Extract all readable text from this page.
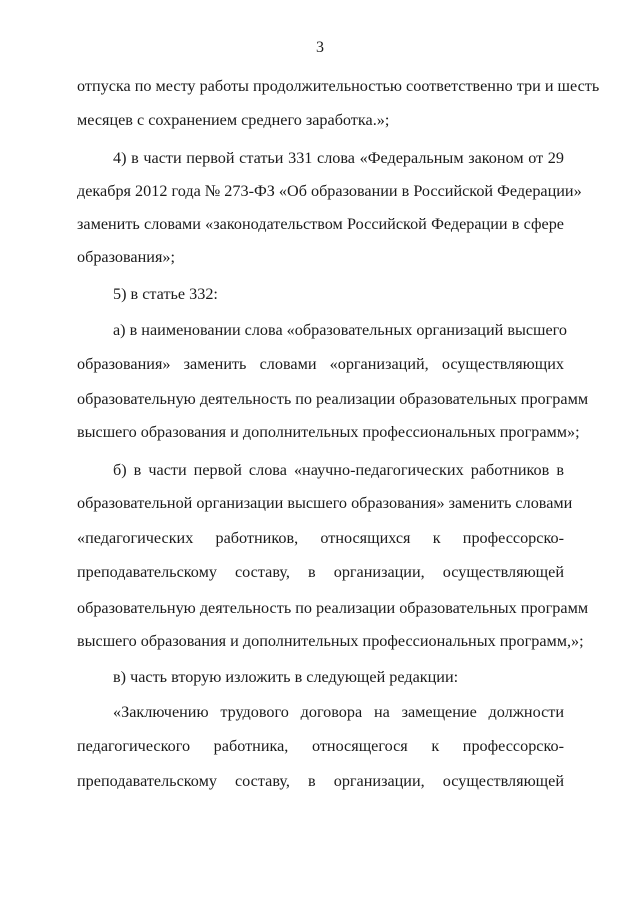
3
отпуска по месту работы продолжительностью соответственно три и шесть
месяцев с сохранением среднего заработка.»;
4) в части первой статьи 331 слова «Федеральным законом от 29
декабря 2012 года № 273-ФЗ «Об образовании в Российской Федерации»
заменить словами «законодательством Российской Федерации в сфере
образования»;
5) в статье 332:
а) в наименовании слова «образовательных организаций высшего
образования» заменить словами «организаций, осуществляющих
образовательную деятельность по реализации образовательных программ
высшего образования и дополнительных профессиональных программ»;
б) в части первой слова «научно-педагогических работников в
образовательной организации высшего образования» заменить словами
«педагогических работников, относящихся к профессорско-
преподавательскому составу, в организации, осуществляющей
образовательную деятельность по реализации образовательных программ
высшего образования и дополнительных профессиональных программ,»;
в) часть вторую изложить в следующей редакции:
«Заключению трудового договора на замещение должности
педагогического работника, относящегося к профессорско-
преподавательскому составу, в организации, осуществляющей
